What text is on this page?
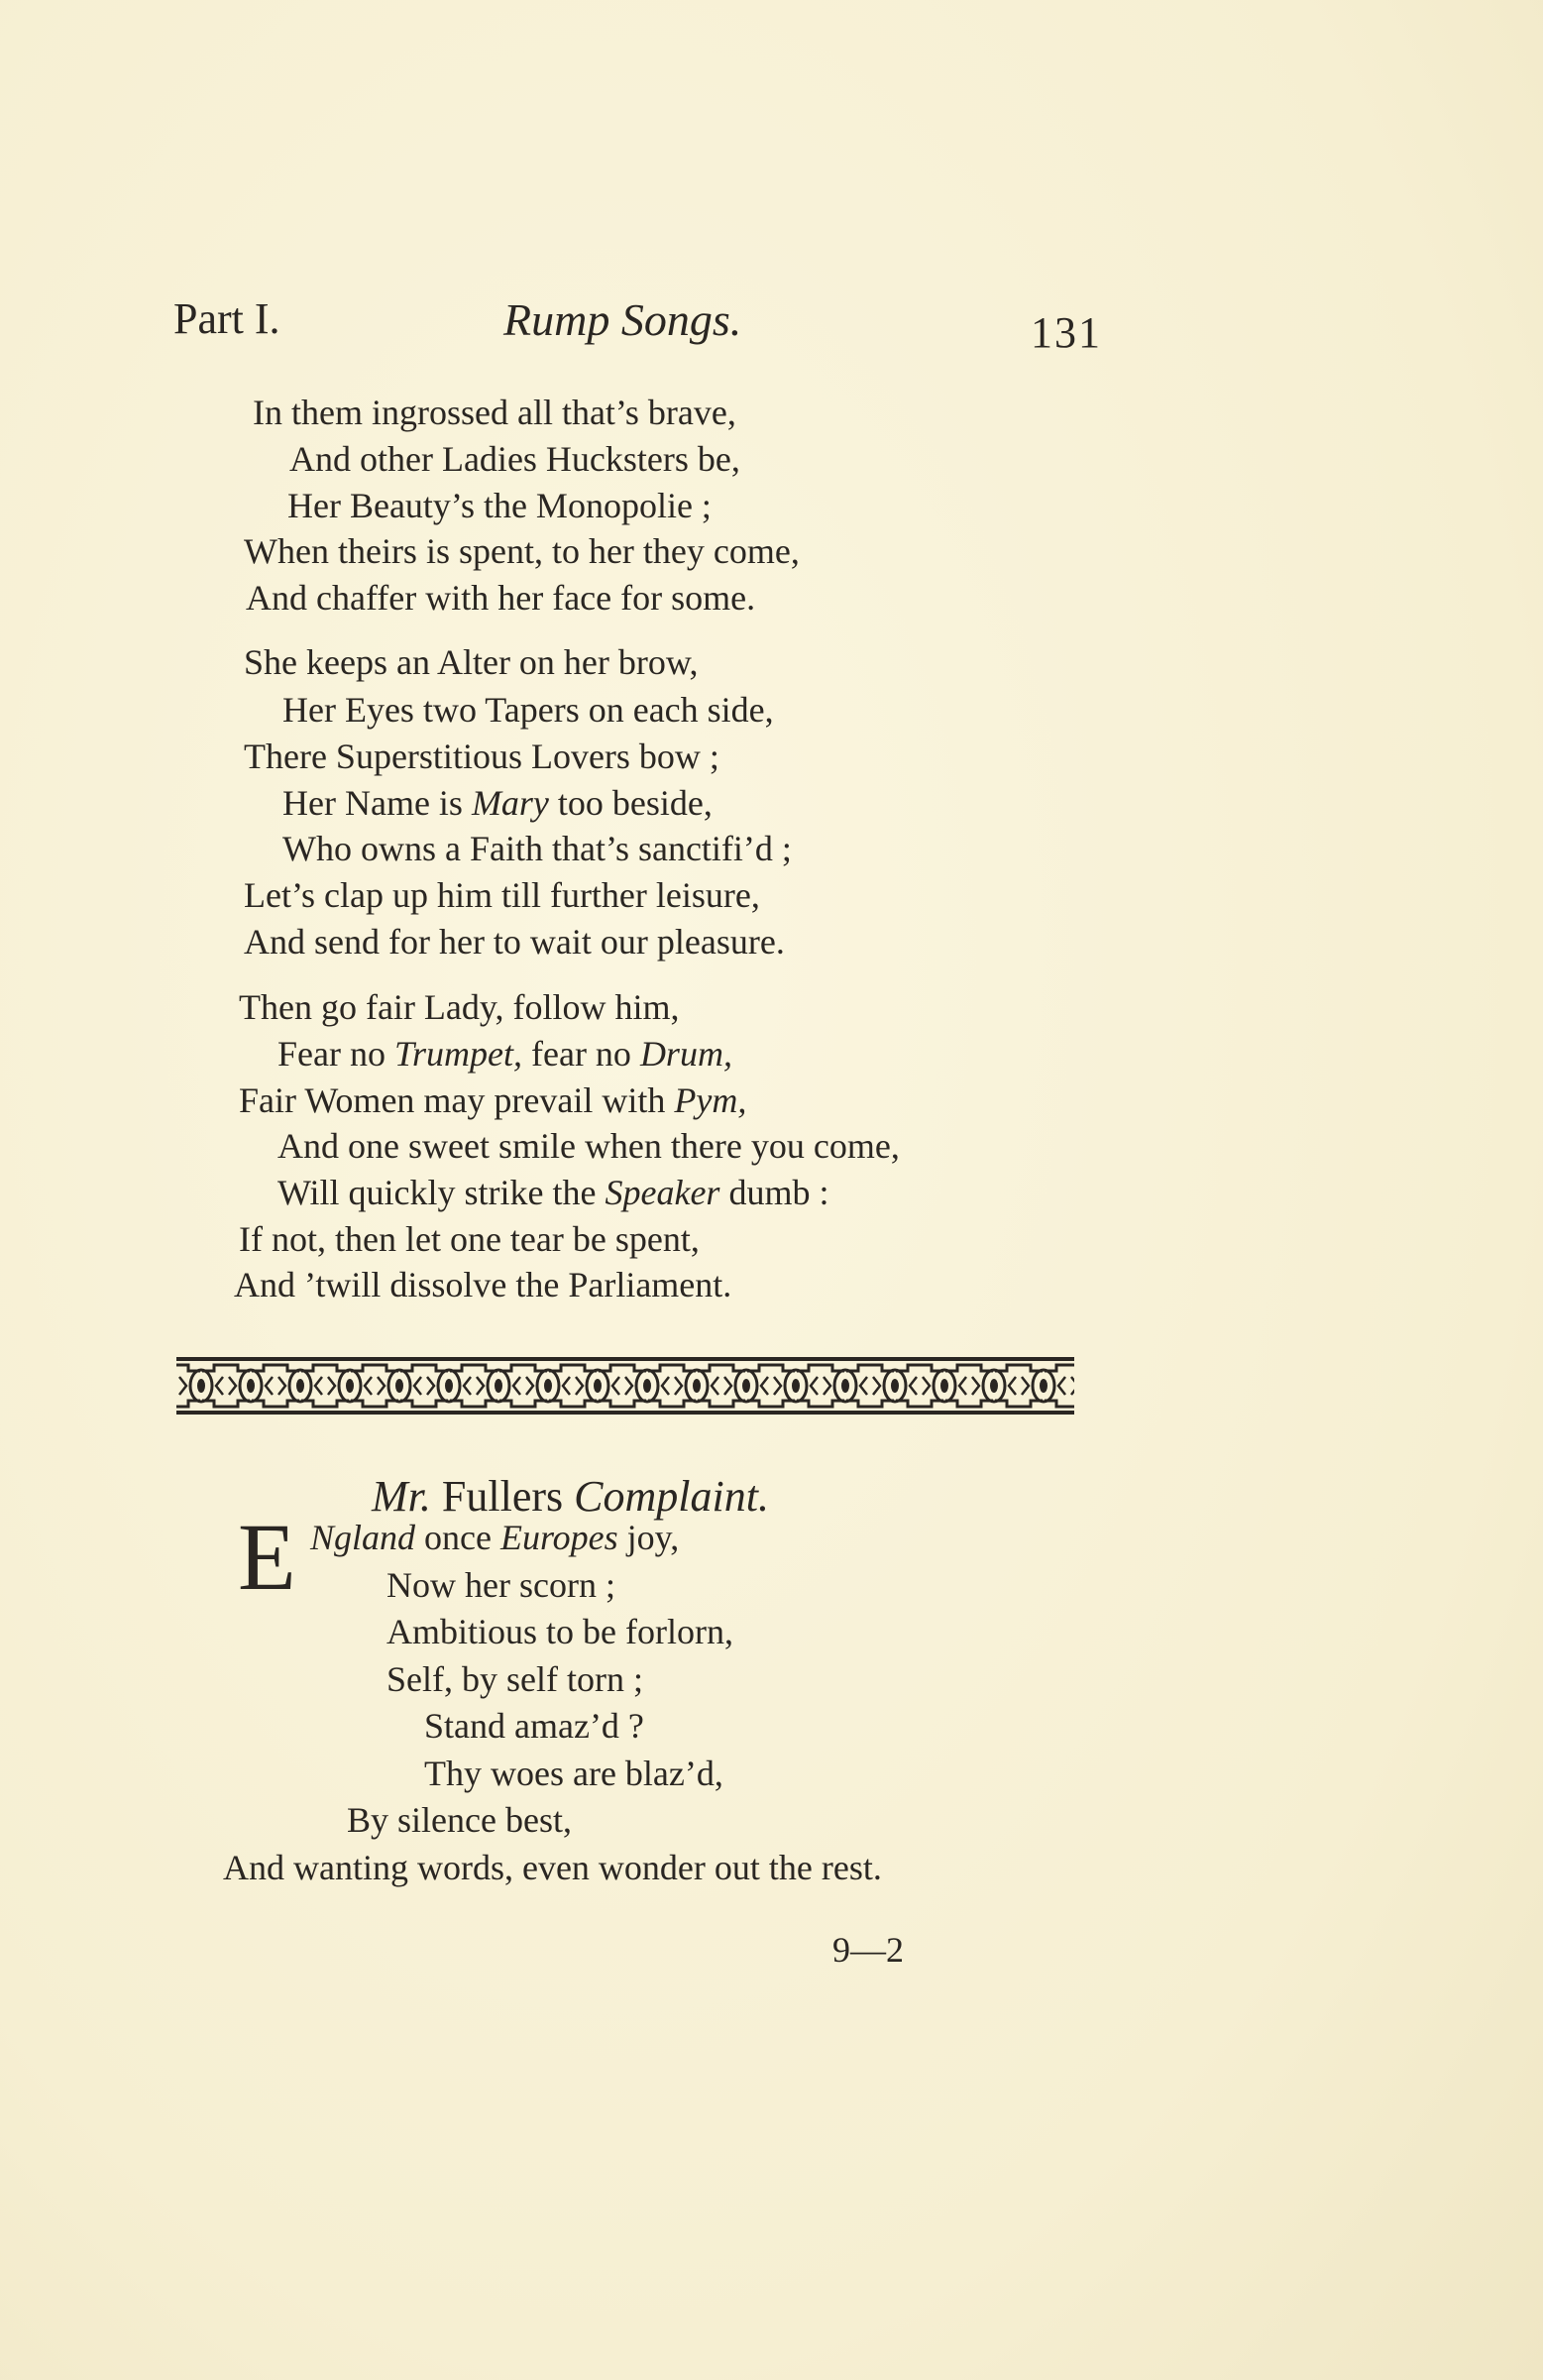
Part I.	Rump Songs.	131
In them ingrossed all that’s brave,
And other Ladies Hucksters be,
Her Beauty’s the Monopolie ;
When theirs is spent, to her they come,
And chaffer with her face for some.
She keeps an Alter on her brow,
Her Eyes two Tapers on each side,
There Superstitious Lovers bow ;
Her Name is Mary too beside,
Who owns a Faith that’s sanctifi’d ;
Let’s clap up him till further leisure,
And send for her to wait our pleasure.
Then go fair Lady, follow him,
Fear no Trumpet, fear no Drum,
Fair Women may prevail with Pym,
And one sweet smile when there you come,
Will quickly strike the Speaker dumb :
If not, then let one tear be spent,
And ’twill dissolve the Parliament.
Mr. Fullers Complaint.
E Ngland once Europes joy,
Now her scorn ;
Ambitious to be forlorn,
Self, by self torn ;
Stand amaz’d ?
Thy woes are blaz’d,
By silence best,
And wanting words, even wonder out the rest.
9—2
